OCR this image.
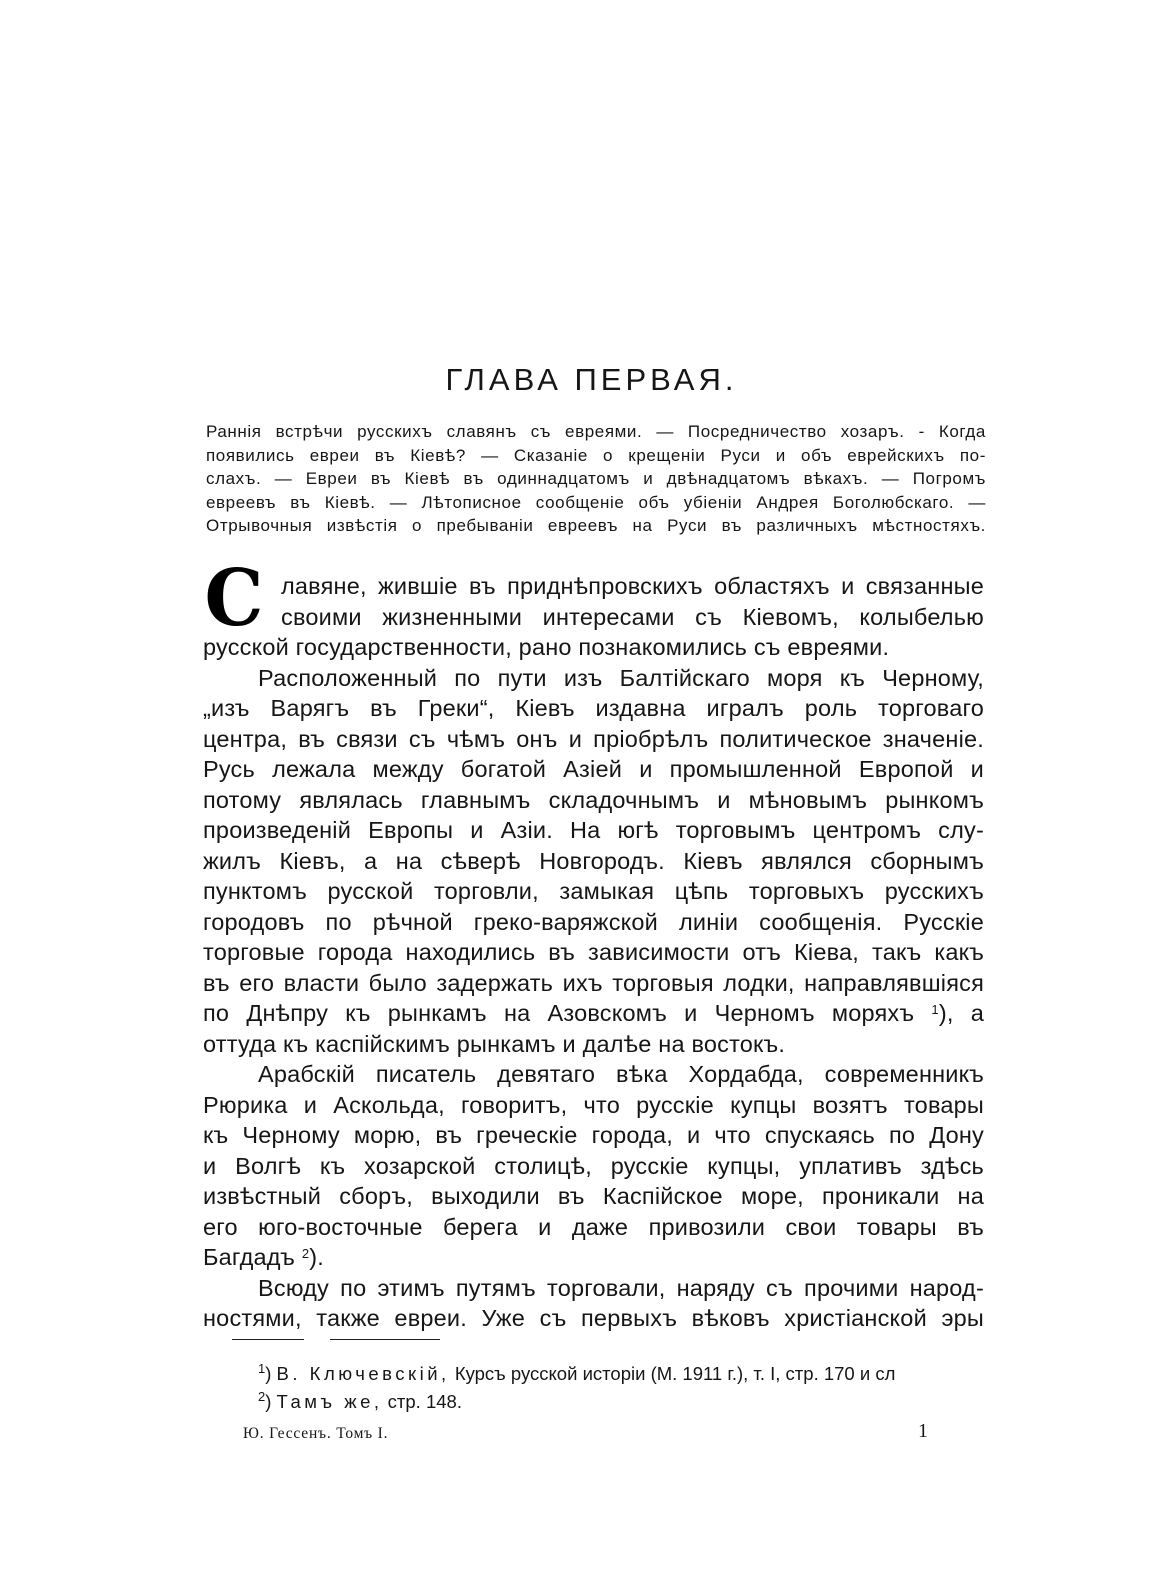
ГЛАВА ПЕРВАЯ.
Раннія встрѣчи русскихъ славянъ съ евреями. — Посредничество хозаръ. - Когда
появились евреи въ Кіевѣ? — Сказаніе о крещеніи Руси и объ еврейскихъ по-
слахъ. — Евреи въ Кіевѣ въ одиннадцатомъ и двѣнадцатомъ вѣкахъ. — Погромъ
евреевъ въ Кіевѣ. — Лѣтописное сообщеніе объ убіеніи Андрея Боголюбскаго. —
Отрывочныя извѣстія о пребываніи евреевъ на Руси въ различныхъ мѣстностяхъ.
С лавяне, жившіе въ приднѣпровскихъ областяхъ и связанные
своими жизненными интересами съ Кіевомъ, колыбелью
русской государственности, рано познакомились съ евреями.

Расположенный по пути изъ Балтійскаго моря къ Черному,
„изъ Варягъ въ Греки“, Кіевъ издавна игралъ роль торговаго
центра, въ связи съ чѣмъ онъ и пріобрѣлъ политическое значеніе.
Русь лежала между богатой Азіей и промышленной Европой и
потому являлась главнымъ складочнымъ и мѣновымъ рынкомъ
произведеній Европы и Азіи. На югѣ торговымъ центромъ слу-
жилъ Кіевъ, а на сѣверѣ Новгородъ. Кіевъ являлся сборнымъ
пунктомъ русской торговли, замыкая цѣпь торговыхъ русскихъ
городовъ по рѣчной греко-варяжской линіи сообщенія. Русскіе
торговые города находились въ зависимости отъ Кіева, такъ какъ
въ его власти было задержать ихъ торговыя лодки, направлявшіяся
по Днѣпру къ рынкамъ на Азовскомъ и Черномъ моряхъ $^1$), а
оттуда къ каспійскимъ рынкамъ и далѣе на востокъ.

Арабскій писатель девятаго вѣка Хордабда, современникъ
Рюрика и Аскольда, говоритъ, что русскіе купцы возятъ товары
къ Черному морю, въ греческіе города, и что спускаясь по Дону
и Волгѣ къ хозарской столицѣ, русскіе купцы, уплативъ здѣсь
извѣстный сборъ, выходили въ Каспійское море, проникали на
его юго-восточные берега и даже привозили свои товары въ
Багдадъ $^2$).

Всюду по этимъ путямъ торговали, наряду съ прочими народ-
ностями, также евреи. Уже съ первыхъ вѣковъ христіанской эры

$^1$) В. Ключевскій, Курсъ русской исторіи (М. 1911 г.), т. I, стр. 170 и сл
$^2$) Тамъ же, стр. 148.
Ю. Гессенъ. Томъ I.	1
